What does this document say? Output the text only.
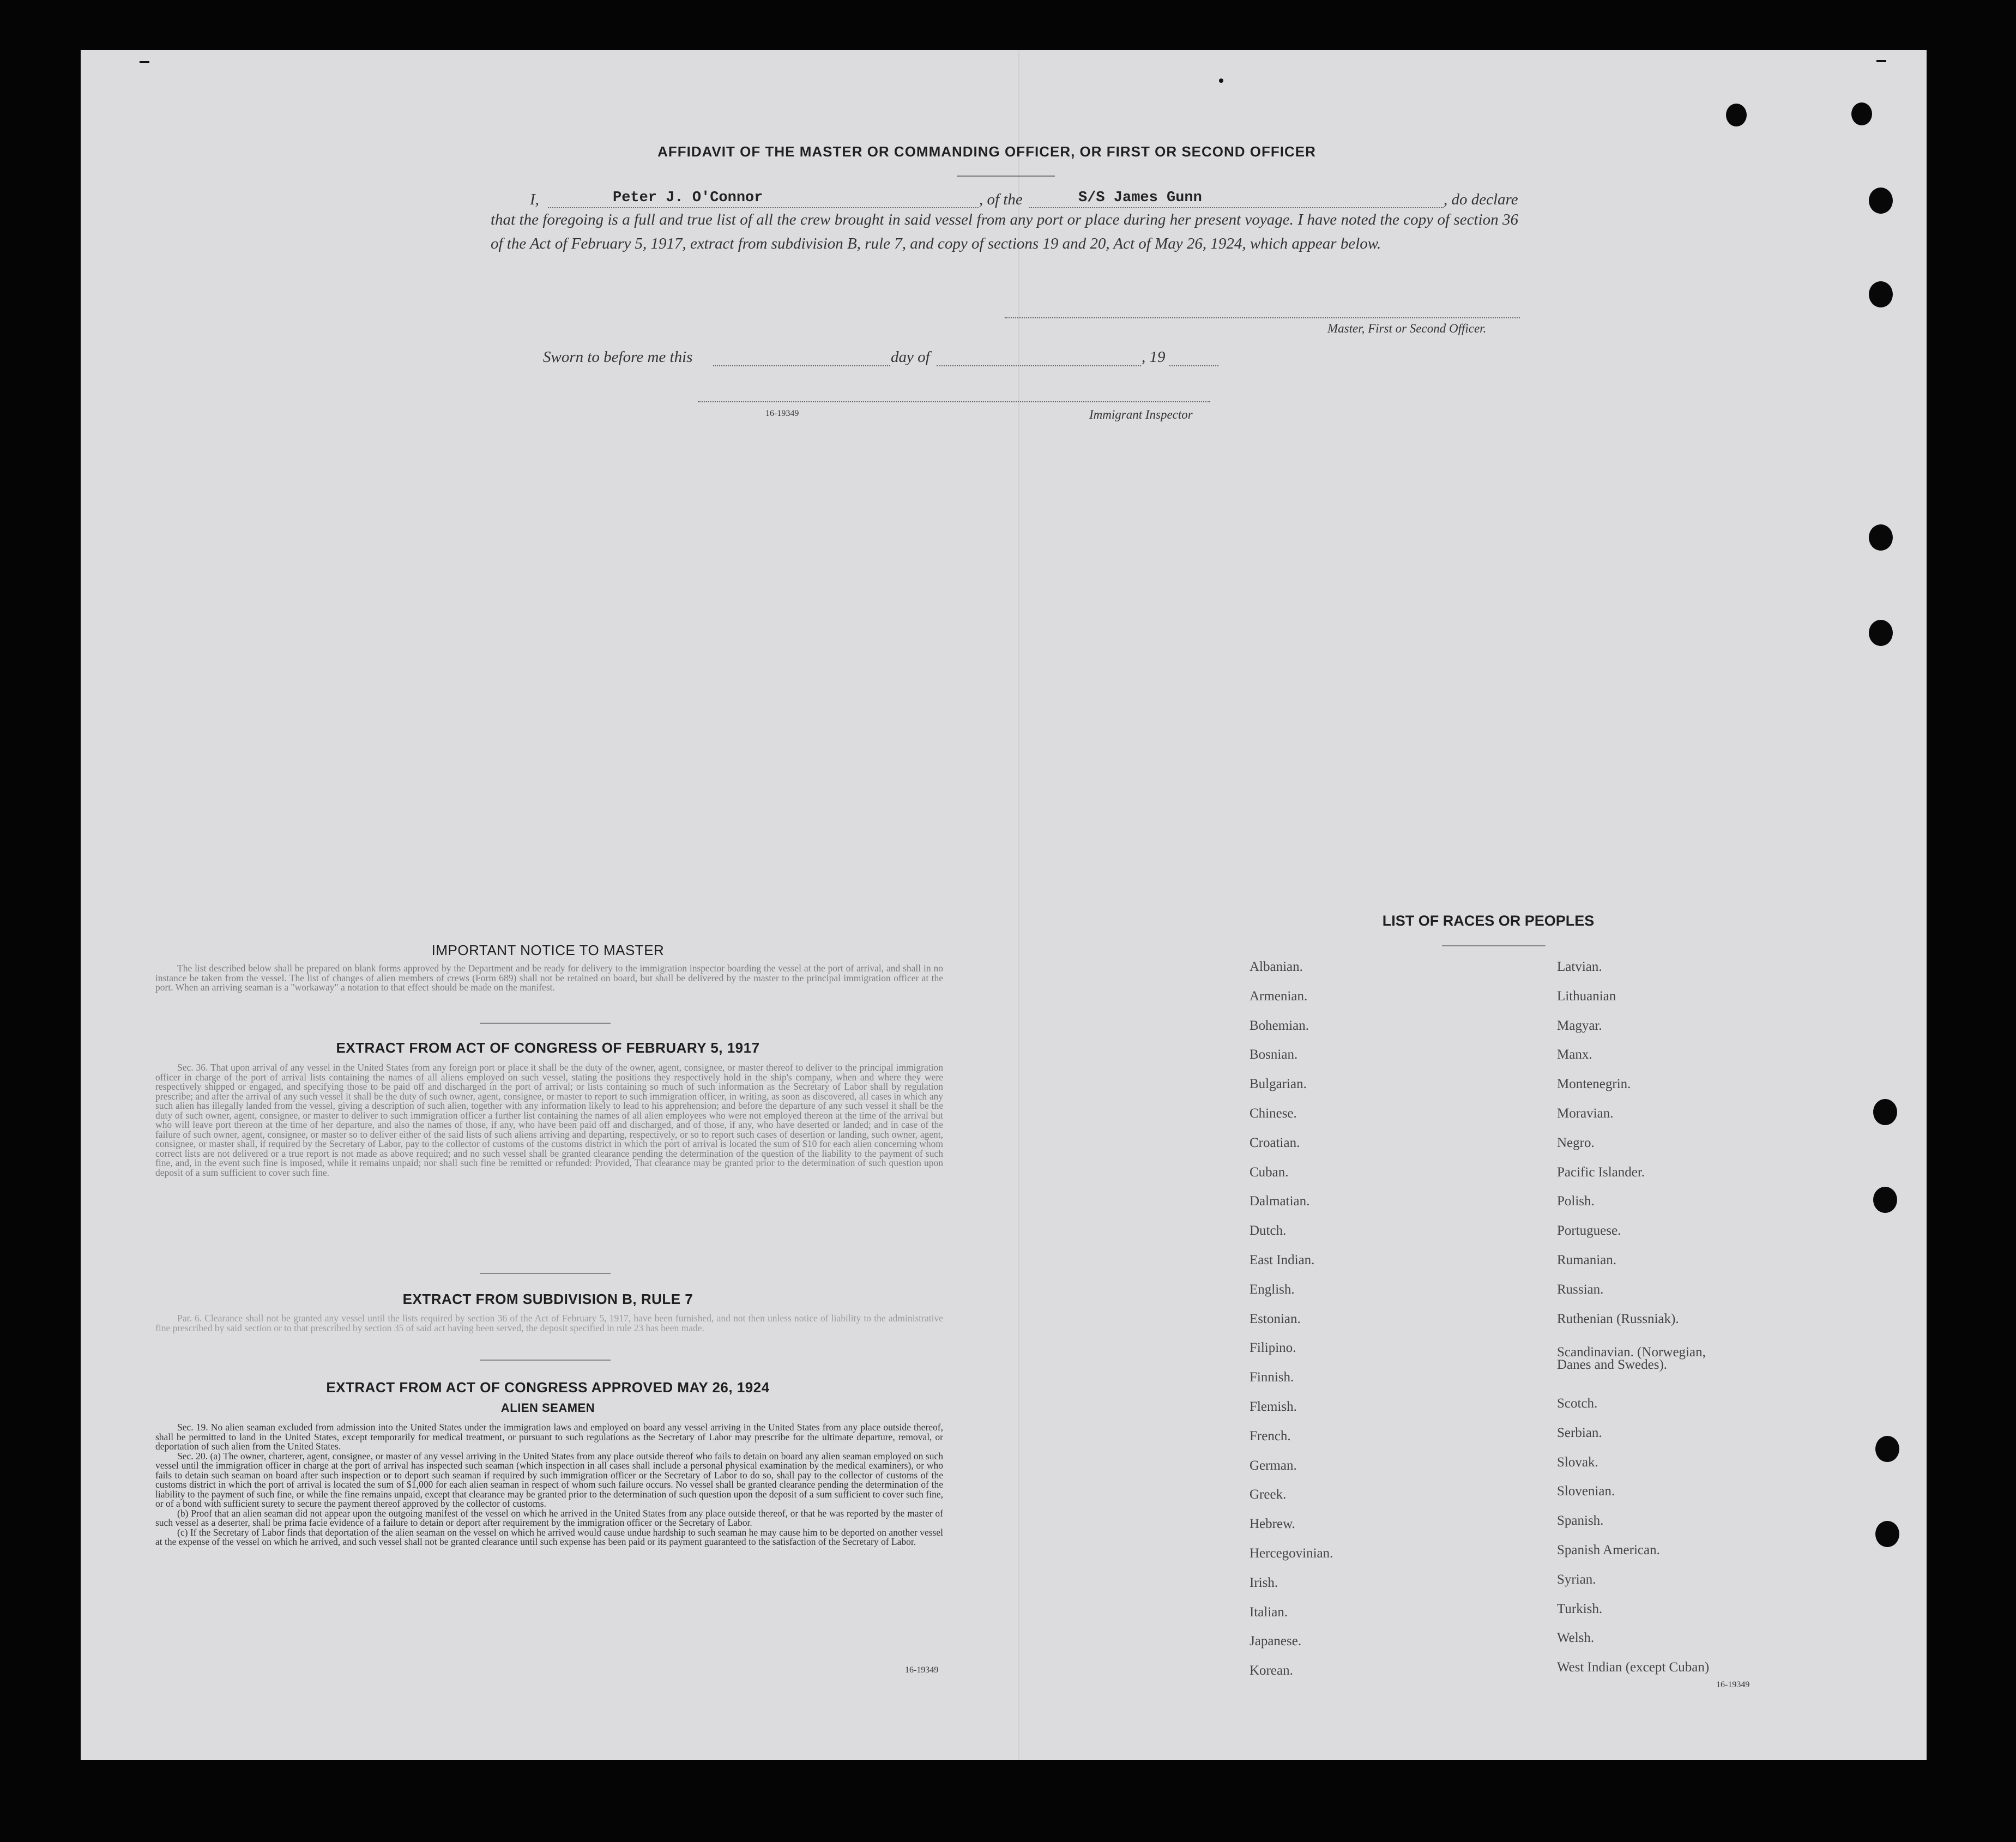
AFFIDAVIT OF THE MASTER OR COMMANDING OFFICER, OR FIRST OR SECOND OFFICER
I,	Peter J. O'Connor	, of the	S/S James Gunn	, do declare
that the foregoing is a full and true list of all the crew brought in said vessel from any port or place during her present voyage. I have noted the copy of section 36 of the Act of February 5, 1917, extract from subdivision B, rule 7, and copy of sections 19 and 20, Act of May 26, 1924, which appear below.
Master, First or Second Officer.
Sworn to before me this	day of	, 19
16-19349	Immigrant Inspector
IMPORTANT NOTICE TO MASTER

The list described below shall be prepared on blank forms approved by the Department and be ready for delivery to the immigration inspector boarding the vessel at the port of arrival, and shall in no instance be taken from the vessel. The list of changes of alien members of crews (Form 689) shall not be retained on board, but shall be delivered by the master to the principal immigration officer at the port. When an arriving seaman is a "workaway" a notation to that effect should be made on the manifest.

EXTRACT FROM ACT OF CONGRESS OF FEBRUARY 5, 1917

Sec. 36. That upon arrival of any vessel in the United States from any foreign port or place it shall be the duty of the owner, agent, consignee, or master thereof to deliver to the principal immigration officer in charge of the port of arrival lists containing the names of all aliens employed on such vessel, stating the positions they respectively hold in the ship's company, when and where they were respectively shipped or engaged, and specifying those to be paid off and discharged in the port of arrival; or lists containing so much of such information as the Secretary of Labor shall by regulation prescribe; and after the arrival of any such vessel it shall be the duty of such owner, agent, consignee, or master to report to such immigration officer, in writing, as soon as discovered, all cases in which any such alien has illegally landed from the vessel, giving a description of such alien, together with any information likely to lead to his apprehension; and before the departure of any such vessel it shall be the duty of such owner, agent, consignee, or master to deliver to such immigration officer a further list containing the names of all alien employees who were not employed thereon at the time of the arrival but who will leave port thereon at the time of her departure, and also the names of those, if any, who have been paid off and discharged, and of those, if any, who have deserted or landed; and in case of the failure of such owner, agent, consignee, or master so to deliver either of the said lists of such aliens arriving and departing, respectively, or so to report such cases of desertion or landing, such owner, agent, consignee, or master shall, if required by the Secretary of Labor, pay to the collector of customs of the customs district in which the port of arrival is located the sum of $10 for each alien concerning whom correct lists are not delivered or a true report is not made as above required; and no such vessel shall be granted clearance pending the determination of the question of the liability to the payment of such fine, and, in the event such fine is imposed, while it remains unpaid; nor shall such fine be remitted or refunded: Provided, That clearance may be granted prior to the determination of such question upon deposit of a sum sufficient to cover such fine.

EXTRACT FROM SUBDIVISION B, RULE 7

Par. 6. Clearance shall not be granted any vessel until the lists required by section 36 of the Act of February 5, 1917, have been furnished, and not then unless notice of liability to the administrative fine prescribed by said section or to that prescribed by section 35 of said act having been served, the deposit specified in rule 23 has been made.

EXTRACT FROM ACT OF CONGRESS APPROVED MAY 26, 1924
ALIEN SEAMEN

Sec. 19. No alien seaman excluded from admission into the United States under the immigration laws and employed on board any vessel arriving in the United States from any place outside thereof, shall be permitted to land in the United States, except temporarily for medical treatment, or pursuant to such regulations as the Secretary of Labor may prescribe for the ultimate departure, removal, or deportation of such alien from the United States.

Sec. 20. (a) The owner, charterer, agent, consignee, or master of any vessel arriving in the United States from any place outside thereof who fails to detain on board any alien seaman employed on such vessel until the immigration officer in charge at the port of arrival has inspected such seaman (which inspection in all cases shall include a personal physical examination by the medical examiners), or who fails to detain such seaman on board after such inspection or to deport such seaman if required by such immigration officer or the Secretary of Labor to do so, shall pay to the collector of customs of the customs district in which the port of arrival is located the sum of $1,000 for each alien seaman in respect of whom such failure occurs. No vessel shall be granted clearance pending the determination of the liability to the payment of such fine, or while the fine remains unpaid, except that clearance may be granted prior to the determination of such question upon the deposit of a sum sufficient to cover such fine, or of a bond with sufficient surety to secure the payment thereof approved by the collector of customs.

(b) Proof that an alien seaman did not appear upon the outgoing manifest of the vessel on which he arrived in the United States from any place outside thereof, or that he was reported by the master of such vessel as a deserter, shall be prima facie evidence of a failure to detain or deport after requirement by the immigration officer or the Secretary of Labor.

(c) If the Secretary of Labor finds that deportation of the alien seaman on the vessel on which he arrived would cause undue hardship to such seaman he may cause him to be deported on another vessel at the expense of the vessel on which he arrived, and such vessel shall not be granted clearance until such expense has been paid or its payment guaranteed to the satisfaction of the Secretary of Labor.

16-19349
LIST OF RACES OR PEOPLES
Albanian.
Armenian.
Bohemian.
Bosnian.
Bulgarian.
Chinese.
Croatian.
Cuban.
Dalmatian.
Dutch.
East Indian.
English.
Estonian.
Filipino.
Finnish.
Flemish.
French.
German.
Greek.
Hebrew.
Hercegovinian.
Irish.
Italian.
Japanese.
Korean.
Latvian.
Lithuanian
Magyar.
Manx.
Montenegrin.
Moravian.
Negro.
Pacific Islander.
Polish.
Portuguese.
Rumanian.
Russian.
Ruthenian (Russniak).
Scandinavian. (Norwegian,
Danes and Swedes).
Scotch.
Serbian.
Slovak.
Slovenian.
Spanish.
Spanish American.
Syrian.
Turkish.
Welsh.
West Indian (except Cuban)
16-19349
